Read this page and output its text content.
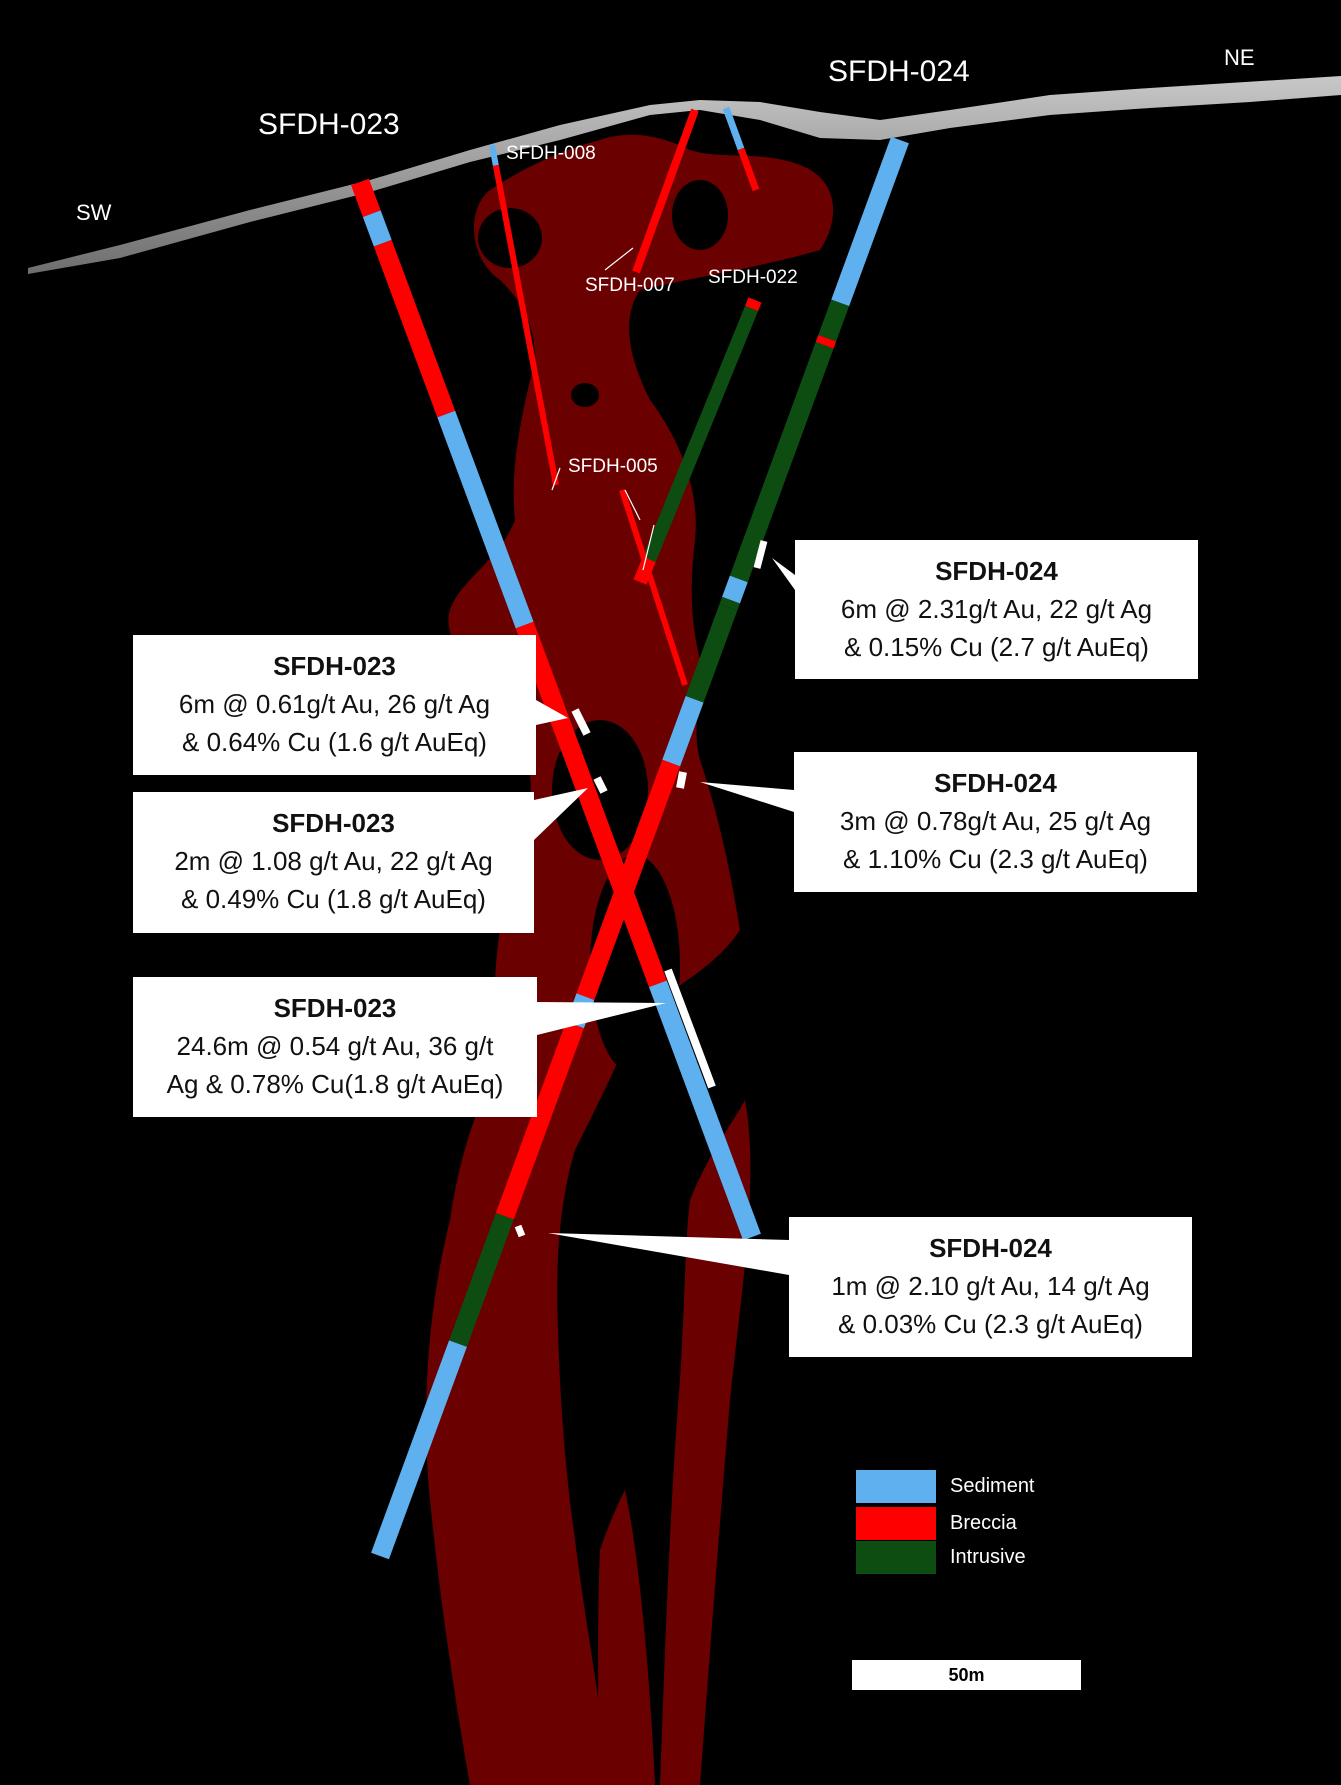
SW
NE
SFDH-023
SFDH-024
SFDH-008
SFDH-007 SFDH-022
SFDH-005
SFDH-024
6m @ 2.31g/t Au, 22 g/t Ag
& 0.15% Cu (2.7 g/t AuEq)
SFDH-023
6m @ 0.61g/t Au, 26 g/t Ag
& 0.64% Cu (1.6 g/t AuEq)
SFDH-024
3m @ 0.78g/t Au, 25 g/t Ag
& 1.10% Cu (2.3 g/t AuEq)
SFDH-023
2m @ 1.08 g/t Au, 22 g/t Ag
& 0.49% Cu (1.8 g/t AuEq)
SFDH-023
24.6m @ 0.54 g/t Au, 36 g/t
Ag & 0.78% Cu(1.8 g/t AuEq)
SFDH-024
1m @ 2.10 g/t Au, 14 g/t Ag
& 0.03% Cu (2.3 g/t AuEq)
Sediment
Breccia
Intrusive
50m
